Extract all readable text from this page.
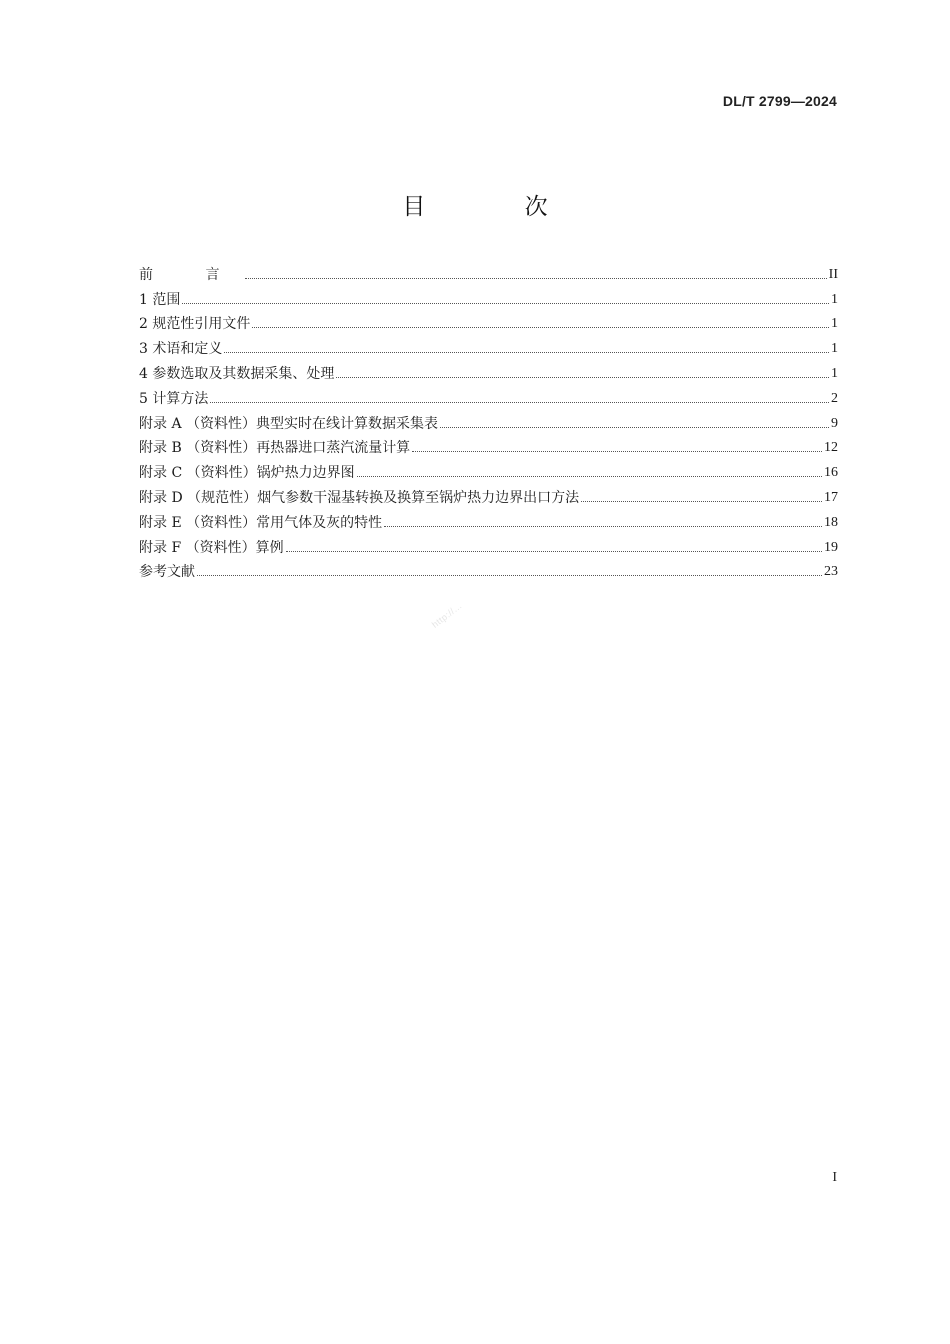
DL/T 2799—2024
目 次
前 言	II
1 范围	1
2 规范性引用文件	1
3 术语和定义	1
4 参数选取及其数据采集、处理	1
5 计算方法	2
附录 A （资料性）典型实时在线计算数据采集表	9
附录 B （资料性）再热器进口蒸汽流量计算	12
附录 C （资料性）锅炉热力边界图	16
附录 D （规范性）烟气参数干湿基转换及换算至锅炉热力边界出口方法	17
附录 E （资料性）常用气体及灰的特性	18
附录 F （资料性）算例	19
参考文献	23
http://...
I
